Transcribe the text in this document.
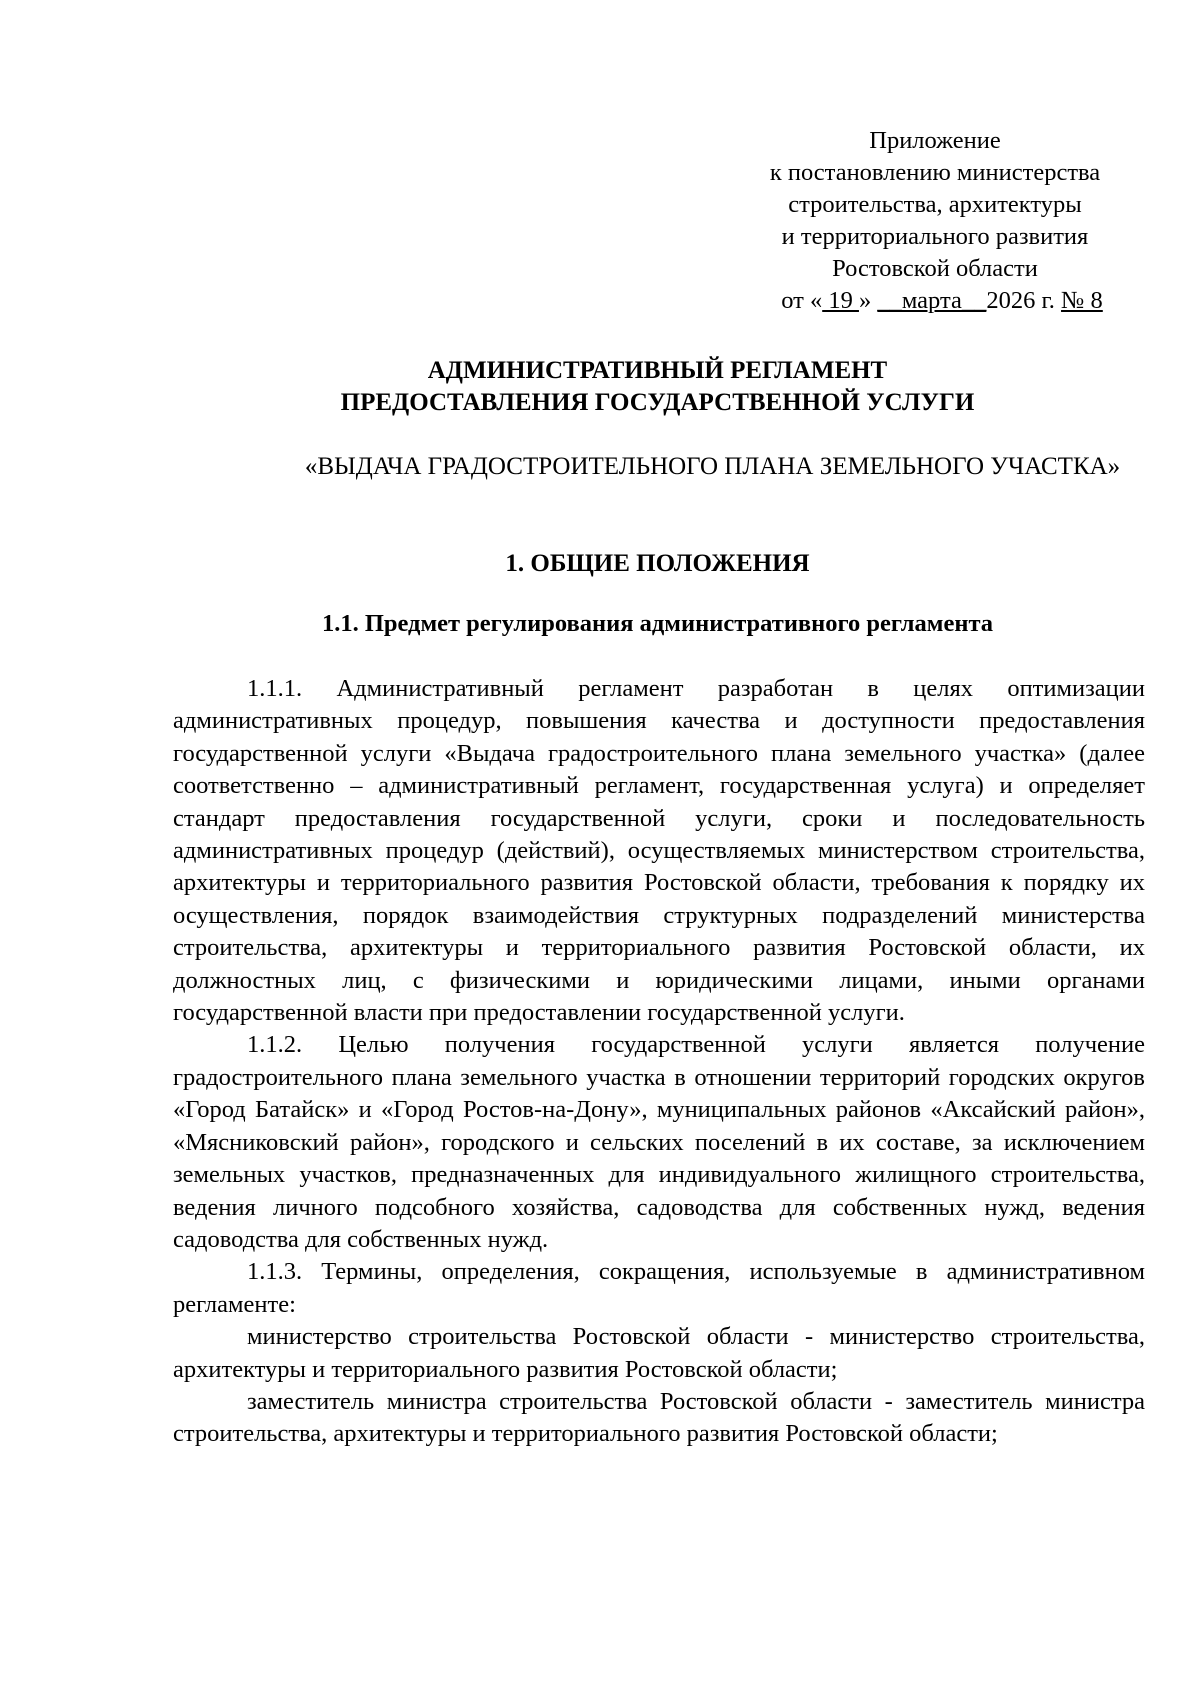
Приложение
к постановлению министерства
строительства, архитектуры
и территориального развития
Ростовской области
от « 19 » __марта__2026 г. № 8
АДМИНИСТРАТИВНЫЙ РЕГЛАМЕНТ
ПРЕДОСТАВЛЕНИЯ ГОСУДАРСТВЕННОЙ УСЛУГИ
«ВЫДАЧА ГРАДОСТРОИТЕЛЬНОГО ПЛАНА ЗЕМЕЛЬНОГО УЧАСТКА»
1. ОБЩИЕ ПОЛОЖЕНИЯ
1.1. Предмет регулирования административного регламента

1.1.1. Административный регламент разработан в целях оптимизации административных процедур, повышения качества и доступности предоставления государственной услуги «Выдача градостроительного плана земельного участка» (далее соответственно – административный регламент, государственная услуга) и определяет стандарт предоставления государственной услуги, сроки и последовательность административных процедур (действий), осуществляемых министерством строительства, архитектуры и территориального развития Ростовской области, требования к порядку их осуществления, порядок взаимодействия структурных подразделений министерства строительства, архитектуры и территориального развития Ростовской области, их должностных лиц, с физическими и юридическими лицами, иными органами государственной власти при предоставлении государственной услуги.

1.1.2. Целью получения государственной услуги является получение градостроительного плана земельного участка в отношении территорий городских округов «Город Батайск» и «Город Ростов-на-Дону», муниципальных районов «Аксайский район», «Мясниковский район», городского и сельских поселений в их составе, за исключением земельных участков, предназначенных для индивидуального жилищного строительства, ведения личного подсобного хозяйства, садоводства для собственных нужд, ведения садоводства для собственных нужд.

1.1.3. Термины, определения, сокращения, используемые в административном регламенте:

министерство строительства Ростовской области - министерство строительства, архитектуры и территориального развития Ростовской области;

заместитель министра строительства Ростовской области - заместитель министра строительства, архитектуры и территориального развития Ростовской области;
